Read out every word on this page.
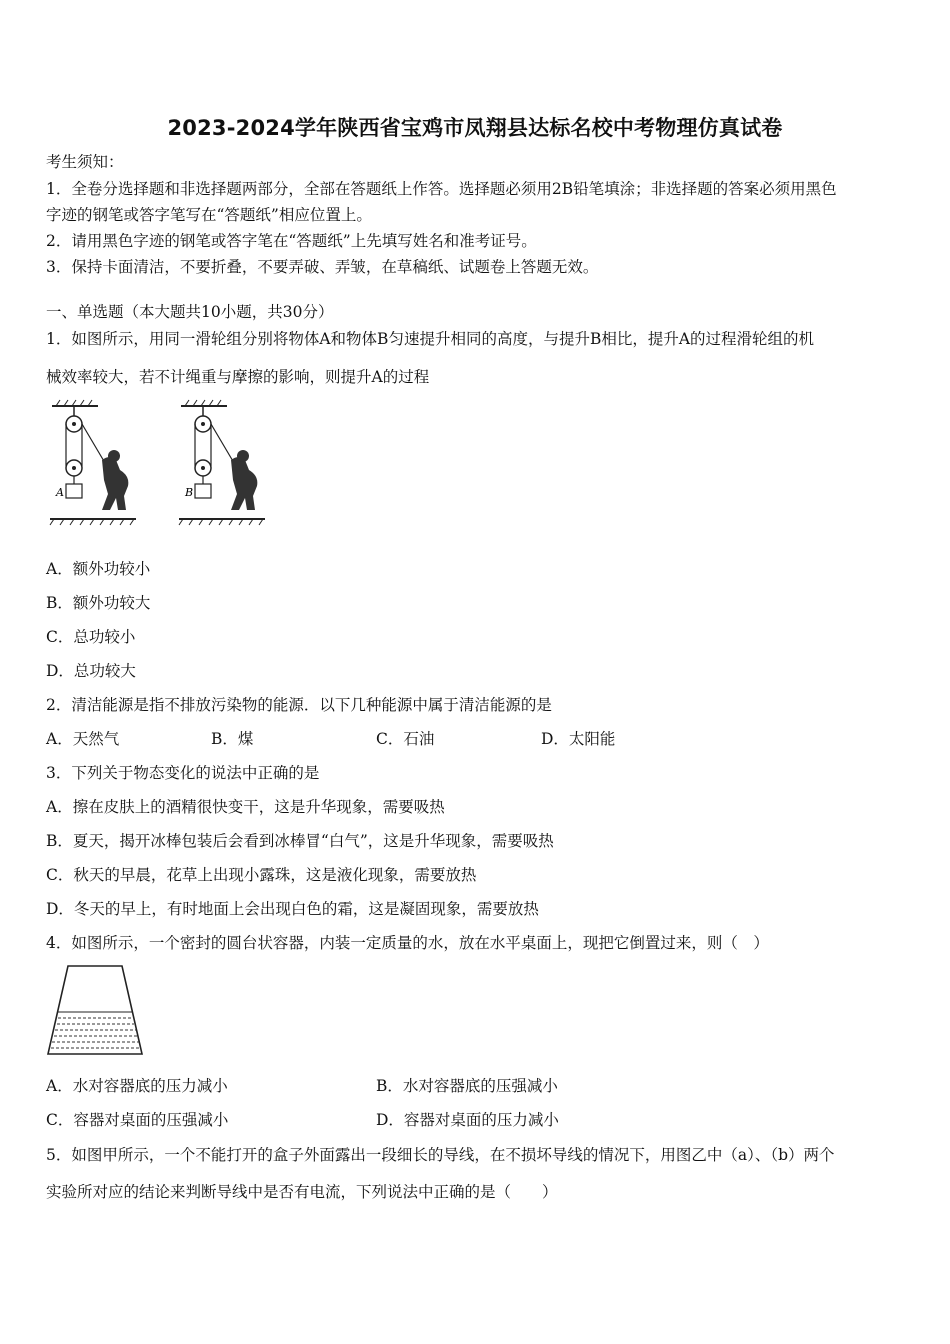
2023-2024学年陕西省宝鸡市凤翔县达标名校中考物理仿真试卷
考生须知：
1．全卷分选择题和非选择题两部分，全部在答题纸上作答。选择题必须用2B铅笔填涂；非选择题的答案必须用黑色
字迹的钢笔或答字笔写在“答题纸”相应位置上。
2．请用黑色字迹的钢笔或答字笔在“答题纸”上先填写姓名和准考证号。
3．保持卡面清洁，不要折叠，不要弄破、弄皱，在草稿纸、试题卷上答题无效。
一、单选题（本大题共10小题，共30分）
1．如图所示，用同一滑轮组分别将物体A和物体B匀速提升相同的高度，与提升B相比，提升A的过程滑轮组的机
械效率较大，若不计绳重与摩擦的影响，则提升A的过程
A	B
A．额外功较小
B．额外功较大
C．总功较小
D．总功较大
2．清洁能源是指不排放污染物的能源．以下几种能源中属于清洁能源的是
A．天然气	B．煤	C．石油	D．太阳能
3．下列关于物态变化的说法中正确的是
A．擦在皮肤上的酒精很快变干，这是升华现象，需要吸热
B．夏天，揭开冰棒包装后会看到冰棒冒“白气”，这是升华现象，需要吸热
C．秋天的早晨，花草上出现小露珠，这是液化现象，需要放热
D．冬天的早上，有时地面上会出现白色的霜，这是凝固现象，需要放热
4．如图所示，一个密封的圆台状容器，内装一定质量的水，放在水平桌面上，现把它倒置过来，则（　）
A．水对容器底的压力减小	B．水对容器底的压强减小
C．容器对桌面的压强减小	D．容器对桌面的压力减小
5．如图甲所示，一个不能打开的盒子外面露出一段细长的导线，在不损坏导线的情况下，用图乙中（a）、（b）两个
实验所对应的结论来判断导线中是否有电流，下列说法中正确的是（　　）
